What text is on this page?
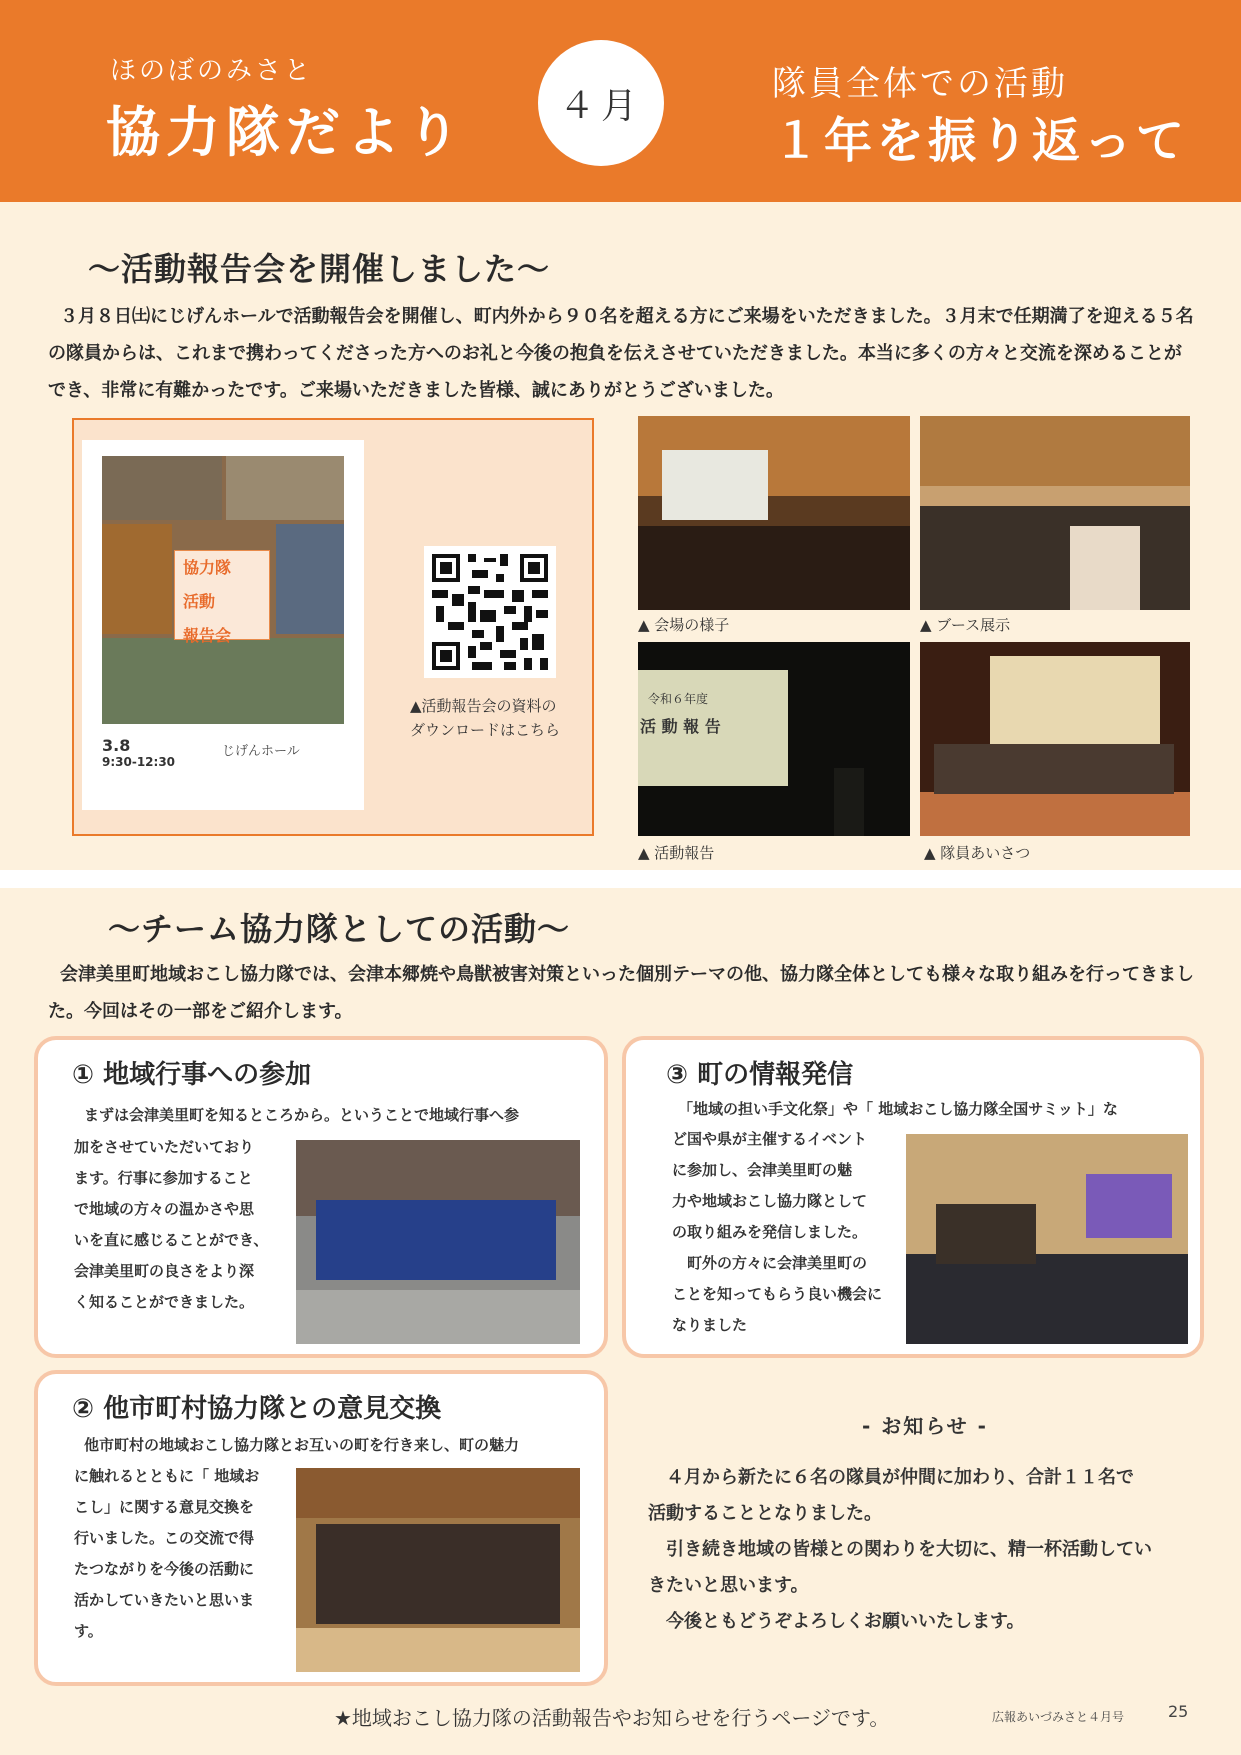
ほのぼのみさと
協力隊だより	４月
隊員全体での活動
１年を振り返って
〜活動報告会を開催しました〜
３月８日㈯にじげんホールで活動報告会を開催し、町内外から９０名を超える方にご来場をいただきました。３月末で任期満了を迎える５名の隊員からは、これまで携わってくださった方へのお礼と今後の抱負を伝えさせていただきました。本当に多くの方々と交流を深めることができ、非常に有難かったです。ご来場いただきました皆様、誠にありがとうございました。
協力隊
活動
報告会
3.8
9:30-12:30
じげんホール
▲活動報告会の資料の
ダウンロードはこちら
▲ 会場の様子	▲ ブース展示
令和６年度
活 動 報 告
▲ 活動報告	▲ 隊員あいさつ
〜チーム協力隊としての活動〜
会津美里町地域おこし協力隊では、会津本郷焼や鳥獣被害対策といった個別テーマの他、協力隊全体としても様々な取り組みを行ってきました。今回はその一部をご紹介します。
① 地域行事への参加
まずは会津美里町を知るところから。ということで地域行事へ参
加をさせていただいており
ます。行事に参加すること
で地域の方々の温かさや思
いを直に感じることができ、
会津美里町の良さをより深
く知ることができました。
② 他市町村協力隊との意見交換
他市町村の地域おこし協力隊とお互いの町を行き来し、町の魅力
に触れるとともに「 地域お
こし」に関する意見交換を
行いました。この交流で得
たつながりを今後の活動に
活かしていきたいと思いま
す。
③ 町の情報発信
「地域の担い手文化祭」や「 地域おこし協力隊全国サミット」な
ど国や県が主催するイベント
に参加し、会津美里町の魅
力や地域おこし協力隊として
の取り組みを発信しました。
　町外の方々に会津美里町の
ことを知ってもらう良い機会に
なりました
- お知らせ -
　４月から新たに６名の隊員が仲間に加わり、合計１１名で
活動することとなりました。
　引き続き地域の皆様との関わりを大切に、精一杯活動してい
きたいと思います。
　今後ともどうぞよろしくお願いいたします。
★地域おこし協力隊の活動報告やお知らせを行うページです。	広報あいづみさと４月号	25
